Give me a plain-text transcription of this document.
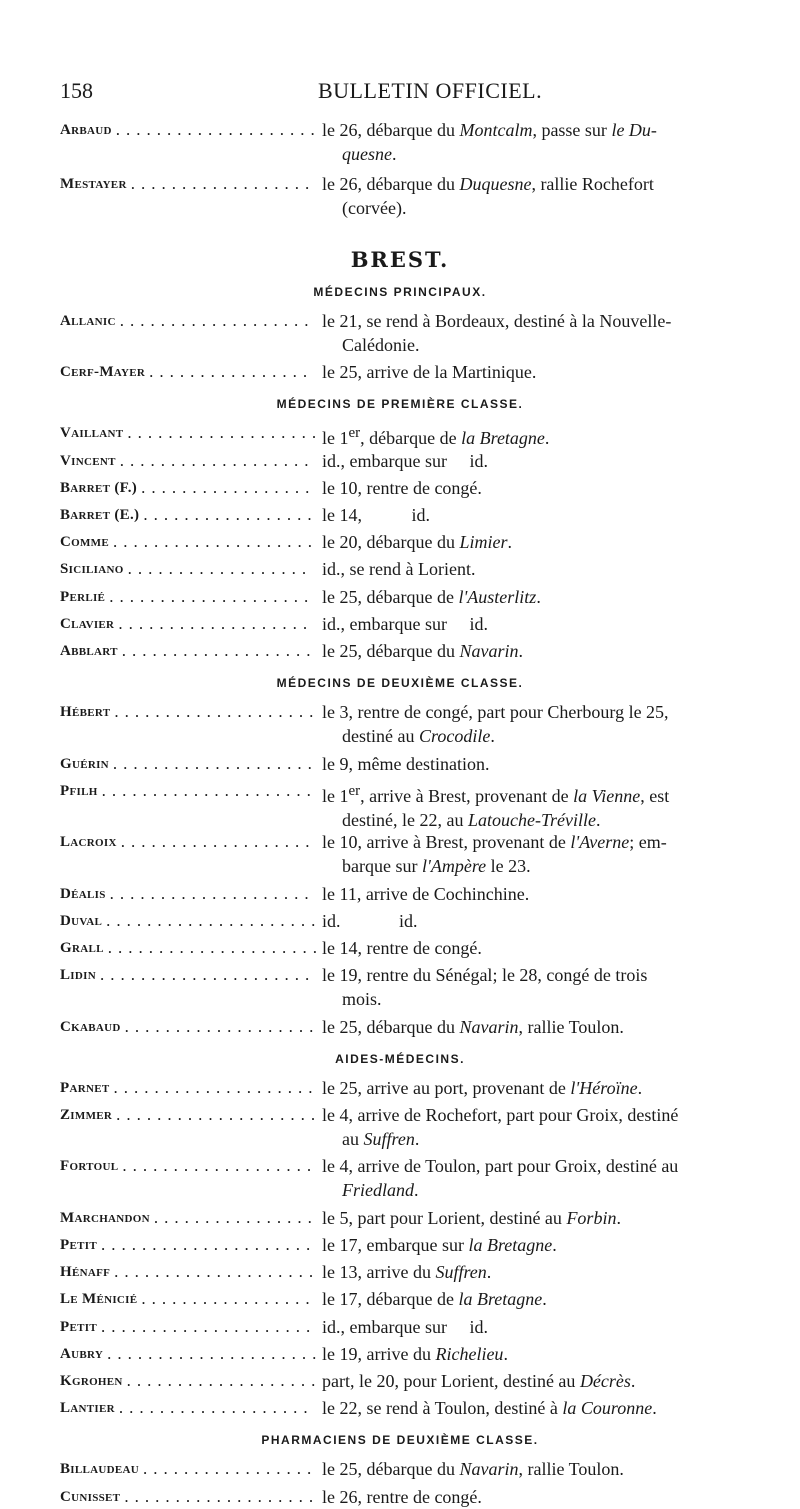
158	BULLETIN OFFICIEL.
Arbaud .................... le 26, débarque du Montcalm, passe sur le Du-
quesne.
Mestayer .................. le 26, débarque du Duquesne, rallie Rochefort
(corvée).
BREST.
MÉDECINS PRINCIPAUX.
Allanic ................... le 21, se rend à Bordeaux, destiné à la Nouvelle-
Calédonie.
Cerf-Mayer ................ le 25, arrive de la Martinique.
MÉDECINS DE PREMIÈRE CLASSE.
Vaillant ................... le 1er, débarque de la Bretagne.
Vincent ................... id., embarque sur     id.
Barret (F.) ................. le 10, rentre de congé.
Barret (E.) ................. le 14,           id.
Comme .................... le 20, débarque du Limier.
Siciliano .................. id., se rend à Lorient.
Perlié .................... le 25, débarque de l'Austerlitz.
Clavier ................... id., embarque sur     id.
Abblart ................... le 25, débarque du Navarin.
MÉDECINS DE DEUXIÈME CLASSE.
Hébert .................... le 3, rentre de congé, part pour Cherbourg le 25,
destiné au Crocodile.
Guérin .................... le 9, même destination.
Pfilh ..................... le 1er, arrive à Brest, provenant de la Vienne, est
destiné, le 22, au Latouche-Tréville.
Lacroix ................... le 10, arrive à Brest, provenant de l'Averne; em-
barque sur l'Ampère le 23.
Déalis .................... le 11, arrive de Cochinchine.
Duval ..................... id.             id.
Grall ..................... le 14, rentre de congé.
Lidin ..................... le 19, rentre du Sénégal; le 28, congé de trois
mois.
Ckabaud ................... le 25, débarque du Navarin, rallie Toulon.
AIDES-MÉDECINS.
Parnet .................... le 25, arrive au port, provenant de l'Héroïne.
Zimmer .................... le 4, arrive de Rochefort, part pour Groix, destiné
au Suffren.
Fortoul ................... le 4, arrive de Toulon, part pour Groix, destiné au
Friedland.
Marchandon ................ le 5, part pour Lorient, destiné au Forbin.
Petit ..................... le 17, embarque sur la Bretagne.
Hénaff .................... le 13, arrive du Suffren.
Le Ménicié ................. le 17, débarque de la Bretagne.
Petit ..................... id., embarque sur     id.
Aubry ..................... le 19, arrive du Richelieu.
Kgrohen ................... part, le 20, pour Lorient, destiné au Décrès.
Lantier ................... le 22, se rend à Toulon, destiné à la Couronne.
PHARMACIENS DE DEUXIÈME CLASSE.
Billaudeau ................. le 25, débarque du Navarin, rallie Toulon.
Cunisset ................... le 26, rentre de congé.
